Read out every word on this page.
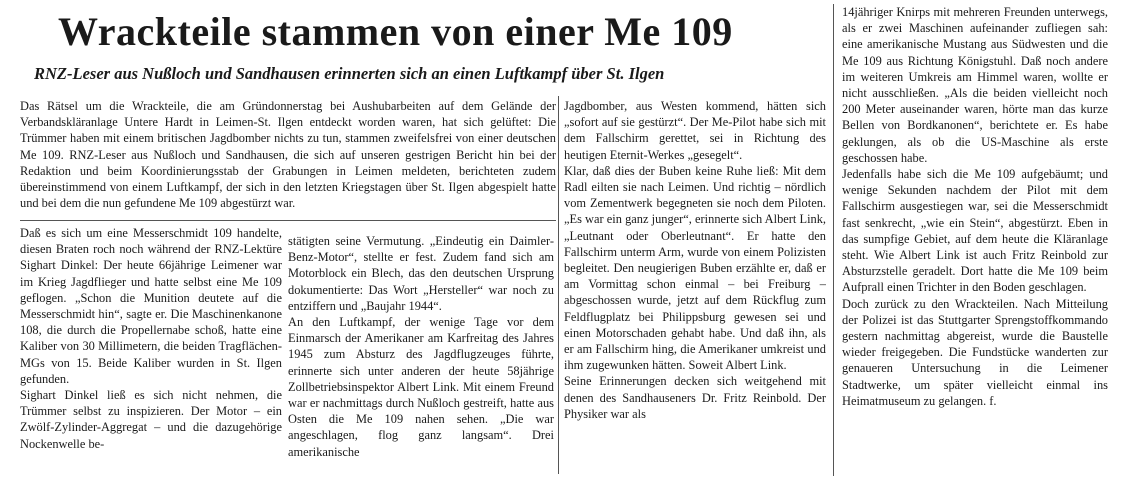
Wrackteile stammen von einer Me 109
RNZ-Leser aus Nußloch und Sandhausen erinnerten sich an einen Luftkampf über St. Ilgen
Das Rätsel um die Wrackteile, die am Gründonnerstag bei Aushubarbeiten auf dem Gelände der Verbandskläranlage Untere Hardt in Leimen-St. Ilgen entdeckt worden waren, hat sich gelüftet: Die Trümmer haben mit einem britischen Jagdbomber nichts zu tun, stammen zweifelsfrei von einer deutschen Me 109. RNZ-Leser aus Nußloch und Sandhausen, die sich auf unseren gestrigen Bericht hin bei der Redaktion und beim Koordinierungsstab der Grabungen in Leimen meldeten, berichteten zudem übereinstimmend von einem Luftkampf, der sich in den letzten Kriegstagen über St. Ilgen abgespielt hatte und bei dem die nun gefundene Me 109 abgestürzt war.
Daß es sich um eine Messerschmidt 109 handelte, diesen Braten roch noch während der RNZ-Lektüre Sighart Dinkel: Der heute 66jährige Leimener war im Krieg Jagdflieger und hatte selbst eine Me 109 geflogen. „Schon die Munition deutete auf die Messerschmidt hin“, sagte er. Die Maschinenkanone 108, die durch die Propellernabe schoß, hatte eine Kaliber von 30 Millimetern, die beiden Tragflächen-MGs von 15. Beide Kaliber wurden in St. Ilgen gefunden.
Sighart Dinkel ließ es sich nicht nehmen, die Trümmer selbst zu inspizieren. Der Motor – ein Zwölf-Zylinder-Aggregat – und die dazugehörige Nockenwelle be-
stätigten seine Vermutung. „Eindeutig ein Daimler-Benz-Motor“, stellte er fest. Zudem fand sich am Motorblock ein Blech, das den deutschen Ursprung dokumentierte: Das Wort „Hersteller“ war noch zu entziffern und „Baujahr 1944“.
An den Luftkampf, der wenige Tage vor dem Einmarsch der Amerikaner am Karfreitag des Jahres 1945 zum Absturz des Jagdflugzeuges führte, erinnerte sich unter anderen der heute 58jährige Zollbetriebsinspektor Albert Link. Mit einem Freund war er nachmittags durch Nußloch gestreift, hatte aus Osten die Me 109 nahen sehen. „Die war angeschlagen, flog ganz langsam“. Drei amerikanische
Jagdbomber, aus Westen kommend, hätten sich „sofort auf sie gestürzt“. Der Me-Pilot habe sich mit dem Fallschirm gerettet, sei in Richtung des heutigen Eternit-Werkes „gesegelt“.
Klar, daß dies der Buben keine Ruhe ließ: Mit dem Radl eilten sie nach Leimen. Und richtig – nördlich vom Zementwerk begegneten sie noch dem Piloten. „Es war ein ganz junger“, erinnerte sich Albert Link, „Leutnant oder Oberleutnant“. Er hatte den Fallschirm unterm Arm, wurde von einem Polizisten begleitet. Den neugierigen Buben erzählte er, daß er am Vormittag schon einmal – bei Freiburg – abgeschossen wurde, jetzt auf dem Rückflug zum Feldflugplatz bei Philippsburg gewesen sei und einen Motorschaden gehabt habe. Und daß ihn, als er am Fallschirm hing, die Amerikaner umkreist und ihm zugewunken hätten. Soweit Albert Link.
Seine Erinnerungen decken sich weitgehend mit denen des Sandhauseners Dr. Fritz Reinbold. Der Physiker war als
14jähriger Knirps mit mehreren Freunden unterwegs, als er zwei Maschinen aufeinander zufliegen sah: eine amerikanische Mustang aus Südwesten und die Me 109 aus Richtung Königstuhl. Daß noch andere im weiteren Umkreis am Himmel waren, wollte er nicht ausschließen. „Als die beiden vielleicht noch 200 Meter auseinander waren, hörte man das kurze Bellen von Bordkanonen“, berichtete er. Es habe geklungen, als ob die US-Maschine als erste geschossen habe.
Jedenfalls habe sich die Me 109 aufgebäumt; und wenige Sekunden nachdem der Pilot mit dem Fallschirm ausgestiegen war, sei die Messerschmidt fast senkrecht, „wie ein Stein“, abgestürzt. Eben in das sumpfige Gebiet, auf dem heute die Kläranlage steht. Wie Albert Link ist auch Fritz Reinbold zur Absturzstelle geradelt. Dort hatte die Me 109 beim Aufprall einen Trichter in den Boden geschlagen.
Doch zurück zu den Wrackteilen. Nach Mitteilung der Polizei ist das Stuttgarter Sprengstoffkommando gestern nachmittag abgereist, wurde die Baustelle wieder freigegeben. Die Fundstücke wanderten zur genaueren Untersuchung in die Leimener Stadtwerke, um später vielleicht einmal ins Heimatmuseum zu gelangen. f.
